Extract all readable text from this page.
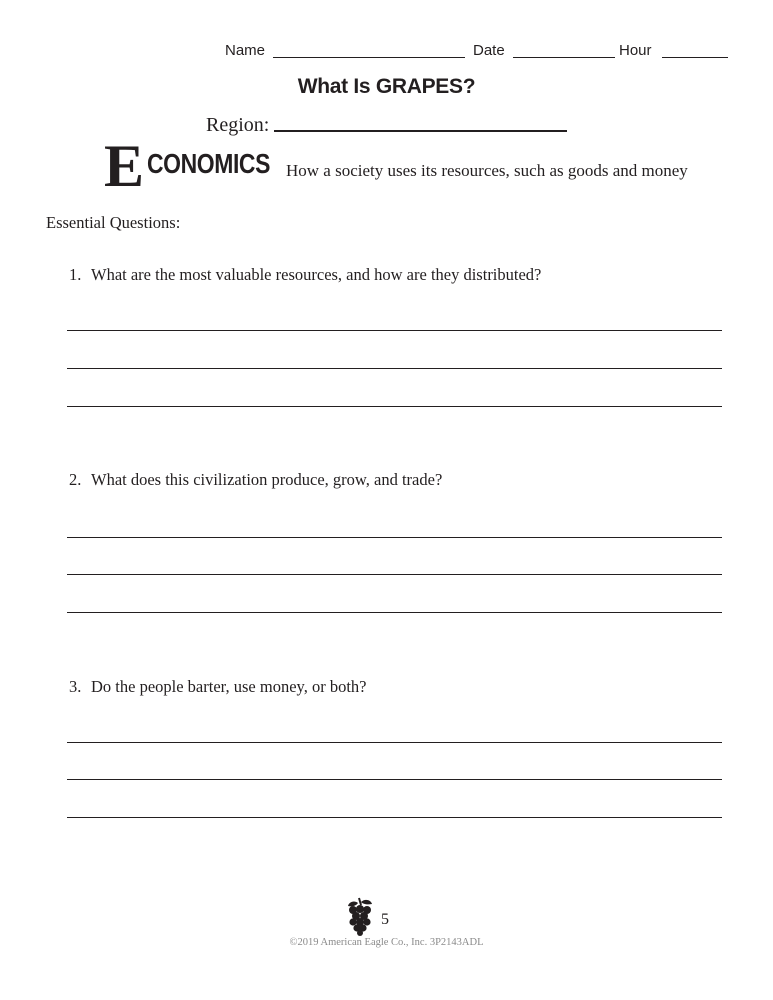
Name	Date	Hour
What Is GRAPES?
Region:
E CONOMICS How a society uses its resources, such as goods and money
Essential Questions:
1. What are the most valuable resources, and how are they distributed?
2. What does this civilization produce, grow, and trade?
3. Do the people barter, use money, or both?
5
©2019 American Eagle Co., Inc. 3P2143ADL
